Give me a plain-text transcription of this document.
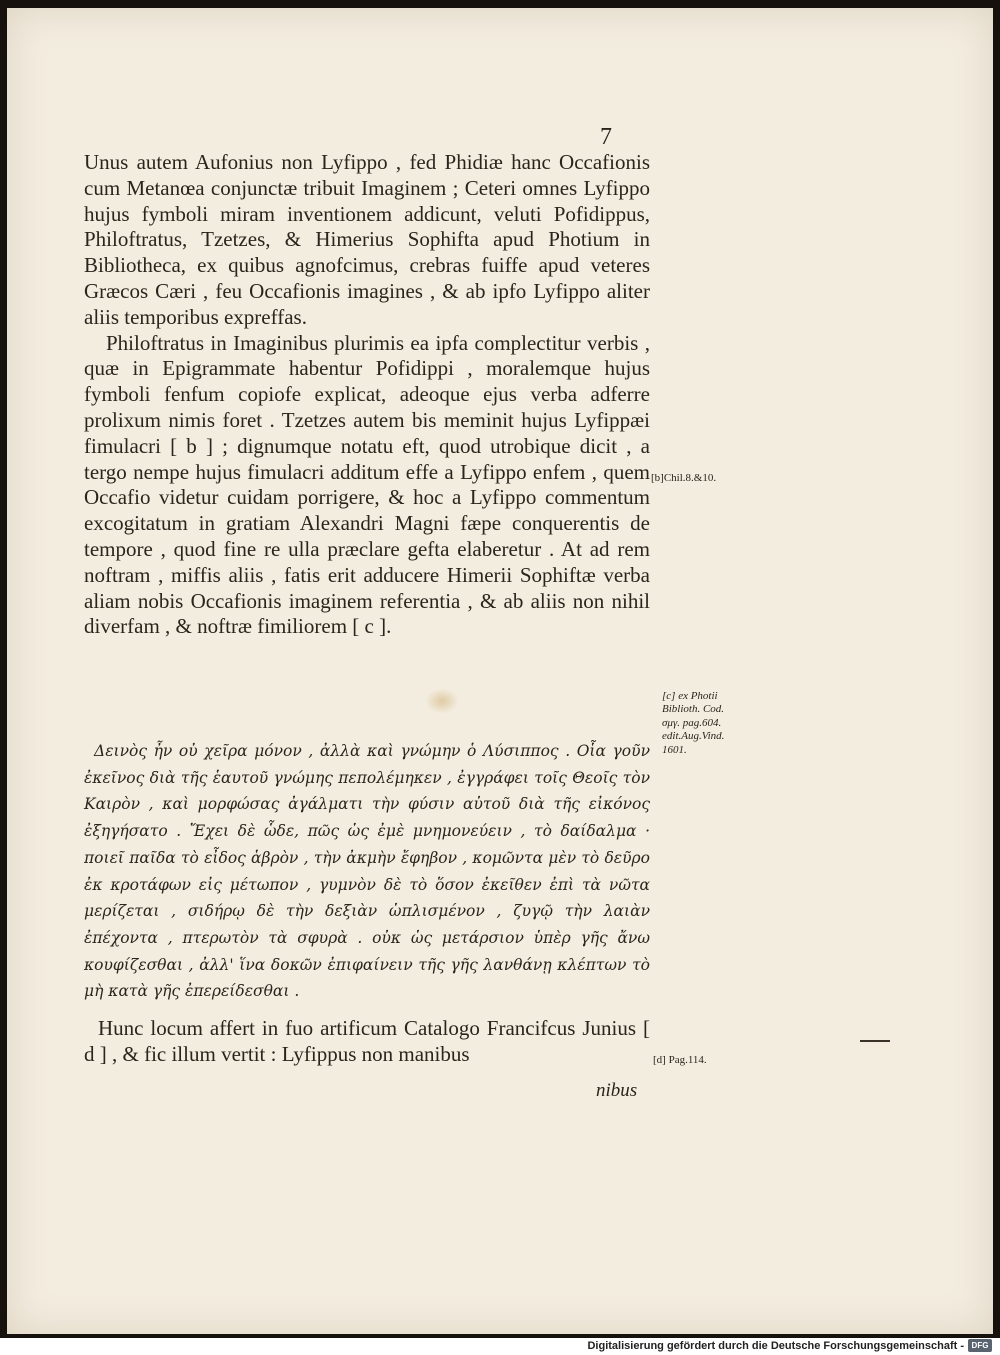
7

Unus autem Aufonius non Lyfippo , fed Phidiæ hanc Occafionis cum Metanœa conjunctæ tribuit Imaginem ; Ceteri omnes Lyfippo hujus fymboli miram inventionem addicunt, veluti Pofidippus, Philoftratus, Tzetzes, & Himerius Sophifta apud Photium in Bibliotheca, ex quibus agnofcimus, crebras fuiffe apud veteres Græcos Cæri , feu Occafionis imagines , & ab ipfo Lyfippo aliter aliis temporibus expreffas.

Philoftratus in Imaginibus plurimis ea ipfa complectitur verbis , quæ in Epigrammate habentur Pofidippi , moralemque hujus fymboli fenfum copiofe explicat, adeoque ejus verba adferre prolixum nimis foret . Tzetzes autem bis meminit hujus Lyfippæi fimulacri [ b ] ; dignumque notatu eft, quod utrobique dicit , a tergo nempe hujus fimulacri additum effe a Lyfippo enfem , quem Occafio videtur cuidam porrigere, & hoc a Lyfippo commentum excogitatum in gratiam Alexandri Magni fæpe conquerentis de tempore , quod fine re ulla præclare gefta elaberetur . At ad rem noftram , miffis aliis , fatis erit adducere Himerii Sophiftæ verba aliam nobis Occafionis imaginem referentia , & ab aliis non nihil diverfam , & noftræ fimiliorem [ c ].

Δεινὸς ἦν οὐ χεῖρα μόνον , ἀλλὰ καὶ γνώμην ὁ Λύσιππος . Οἷα γοῦν ἐκεῖνος διὰ τῆς ἑαυτοῦ γνώμης πεπολέμηκεν , ἐγγράφει τοῖς Θεοῖς τὸν Καιρὸν , καὶ μορφώσας ἀγάλματι τὴν φύσιν αὐτοῦ διὰ τῆς εἰκόνος ἐξηγήσατο . Ἔχει δὲ ὧδε, πῶς ὡς ἐμὲ μνημονεύειν , τὸ δαίδαλμα · ποιεῖ παῖδα τὸ εἶδος ἁβρὸν , τὴν ἀκμὴν ἔφηβον , κομῶντα μὲν τὸ δεῦρο ἐκ κροτάφων εἰς μέτωπον , γυμνὸν δὲ τὸ ὅσον ἐκεῖθεν ἐπὶ τὰ νῶτα μερίζεται , σιδήρῳ δὲ τὴν δεξιὰν ὡπλισμένον , ζυγῷ τὴν λαιὰν ἐπέχοντα , πτερωτὸν τὰ σφυρὰ . οὐκ ὡς μετάρσιον ὑπὲρ γῆς ἄνω κουφίζεσθαι , ἀλλ' ἵνα δοκῶν ἐπιφαίνειν τῆς γῆς λανθάνῃ κλέπτων τὸ μὴ κατὰ γῆς ἐπερείδεσθαι .

Hunc locum affert in fuo artificum Catalogo Francifcus Junius [ d ] , & fic illum vertit : Lyfippus non manibus

nibus
[b]Chil.8.&10.
[c] ex Photii
Biblioth. Cod.
σμγ. pag.604.
edit.Aug.Vind.
1601.
[d] Pag.114.
Digitalisierung gefördert durch die Deutsche Forschungsgemeinschaft - DFG
